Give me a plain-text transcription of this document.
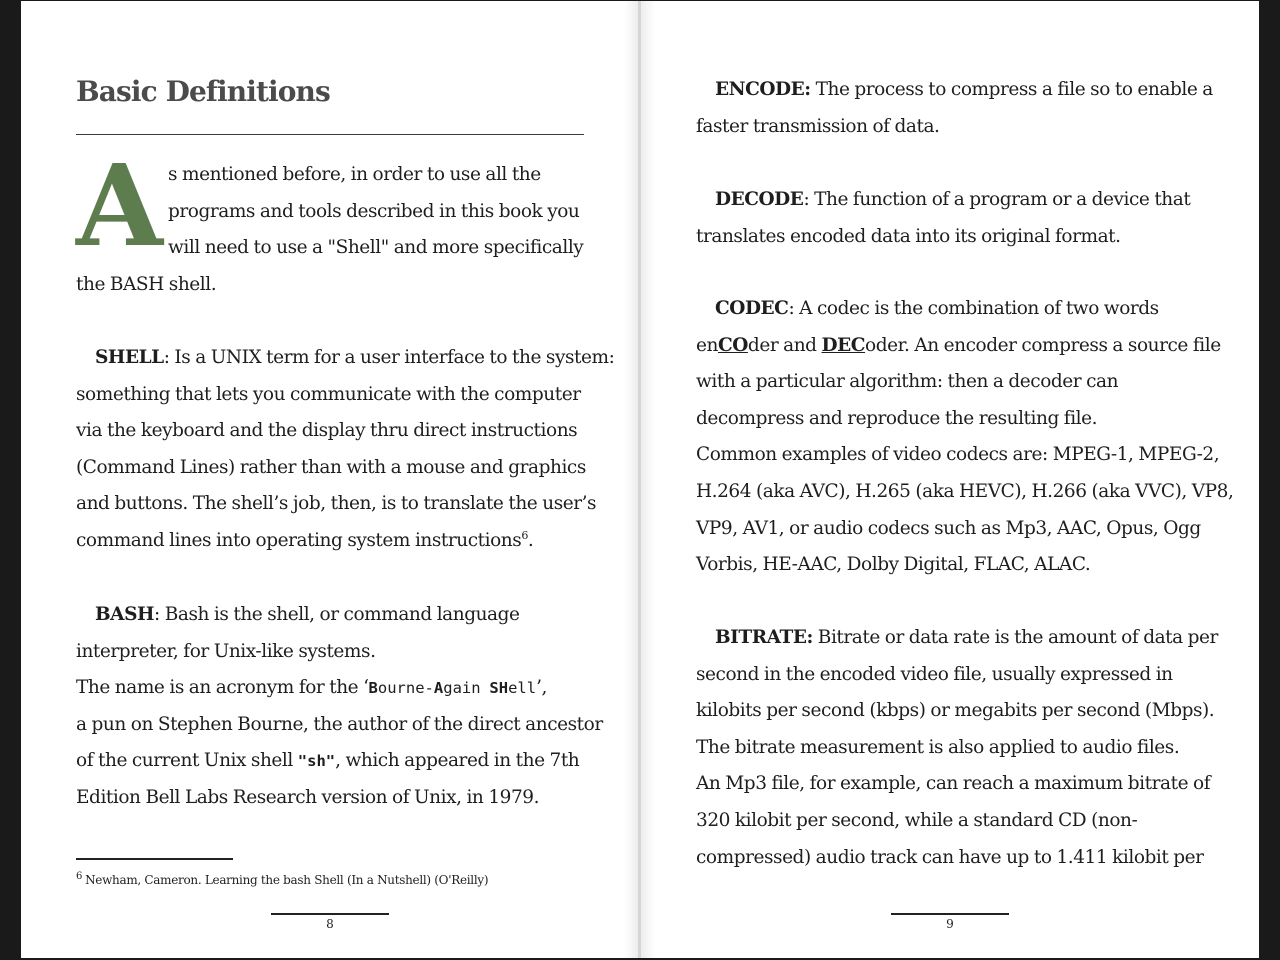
Basic Definitions
A s mentioned before, in order to use all the
programs and tools described in this book you
will need to use a "Shell" and more specifically
the BASH shell.
SHELL: Is a UNIX term for a user interface to the system:
something that lets you communicate with the computer
via the keyboard and the display thru direct instructions
(Command Lines) rather than with a mouse and graphics
and buttons. The shell’s job, then, is to translate the user’s
command lines into operating system instructions$^6$.
BASH: Bash is the shell, or command language
interpreter, for Unix-like systems.
The name is an acronym for the ‘Bourne-Again SHell’,
a pun on Stephen Bourne, the author of the direct ancestor
of the current Unix shell "sh", which appeared in the 7th
Edition Bell Labs Research version of Unix, in 1979.
$^6$ Newham, Cameron. Learning the bash Shell (In a Nutshell) (O'Reilly)
8
ENCODE: The process to compress a file so to enable a
faster transmission of data.
DECODE: The function of a program or a device that
translates encoded data into its original format.
CODEC: A codec is the combination of two words
enCOder and DECoder. An encoder compress a source file
with a particular algorithm: then a decoder can
decompress and reproduce the resulting file.
Common examples of video codecs are: MPEG-1, MPEG-2,
H.264 (aka AVC), H.265 (aka HEVC), H.266 (aka VVC), VP8,
VP9, AV1, or audio codecs such as Mp3, AAC, Opus, Ogg
Vorbis, HE-AAC, Dolby Digital, FLAC, ALAC.
BITRATE: Bitrate or data rate is the amount of data per
second in the encoded video file, usually expressed in
kilobits per second (kbps) or megabits per second (Mbps).
The bitrate measurement is also applied to audio files.
An Mp3 file, for example, can reach a maximum bitrate of
320 kilobit per second, while a standard CD (non-
compressed) audio track can have up to 1.411 kilobit per
9
